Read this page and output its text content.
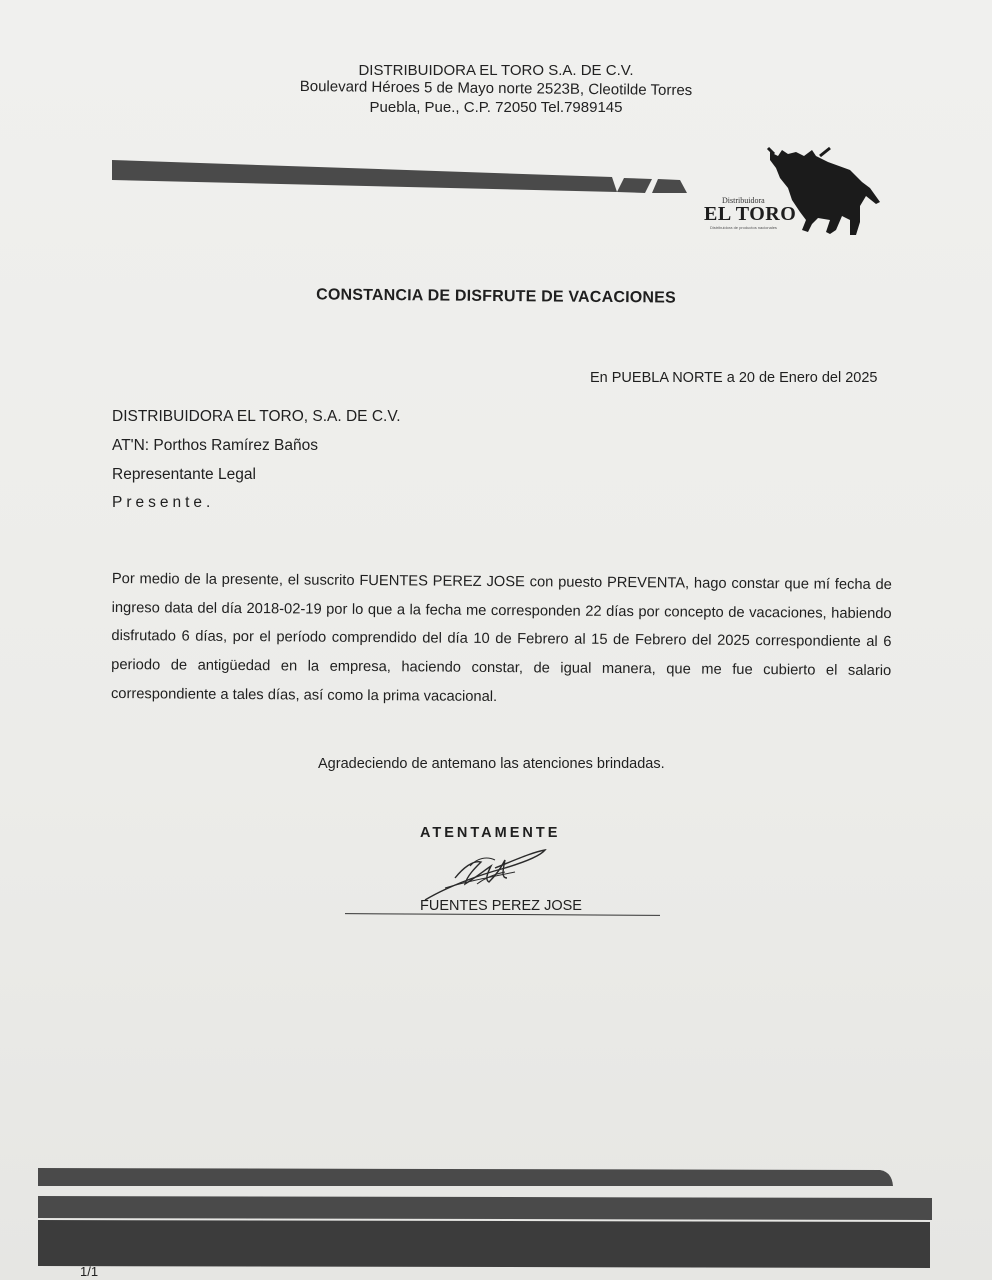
DISTRIBUIDORA EL TORO S.A. DE C.V.
Boulevard Héroes 5 de Mayo norte 2523B, Cleotilde Torres
Puebla, Pue., C.P. 72050 Tel.7989145
Distribuidora
EL TORO
Distribuidora de productos nacionales
CONSTANCIA DE DISFRUTE DE VACACIONES
En PUEBLA NORTE a 20 de Enero del 2025
DISTRIBUIDORA EL TORO, S.A. DE C.V.
AT'N: Porthos Ramírez Baños
Representante Legal
Presente.
Por medio de la presente, el suscrito FUENTES PEREZ JOSE con puesto PREVENTA, hago constar que mí fecha de ingreso data del día 2018-02-19 por lo que a la fecha me corresponden 22 días por concepto de vacaciones, habiendo disfrutado 6 días, por el período comprendido del día 10 de Febrero al 15 de Febrero del 2025 correspondiente al 6 periodo de antigüedad en la empresa, haciendo constar, de igual manera, que me fue cubierto el salario correspondiente a tales días, así como la prima vacacional.
Agradeciendo de antemano las atenciones brindadas.
ATENTAMENTE
FUENTES PEREZ JOSE
1/1
